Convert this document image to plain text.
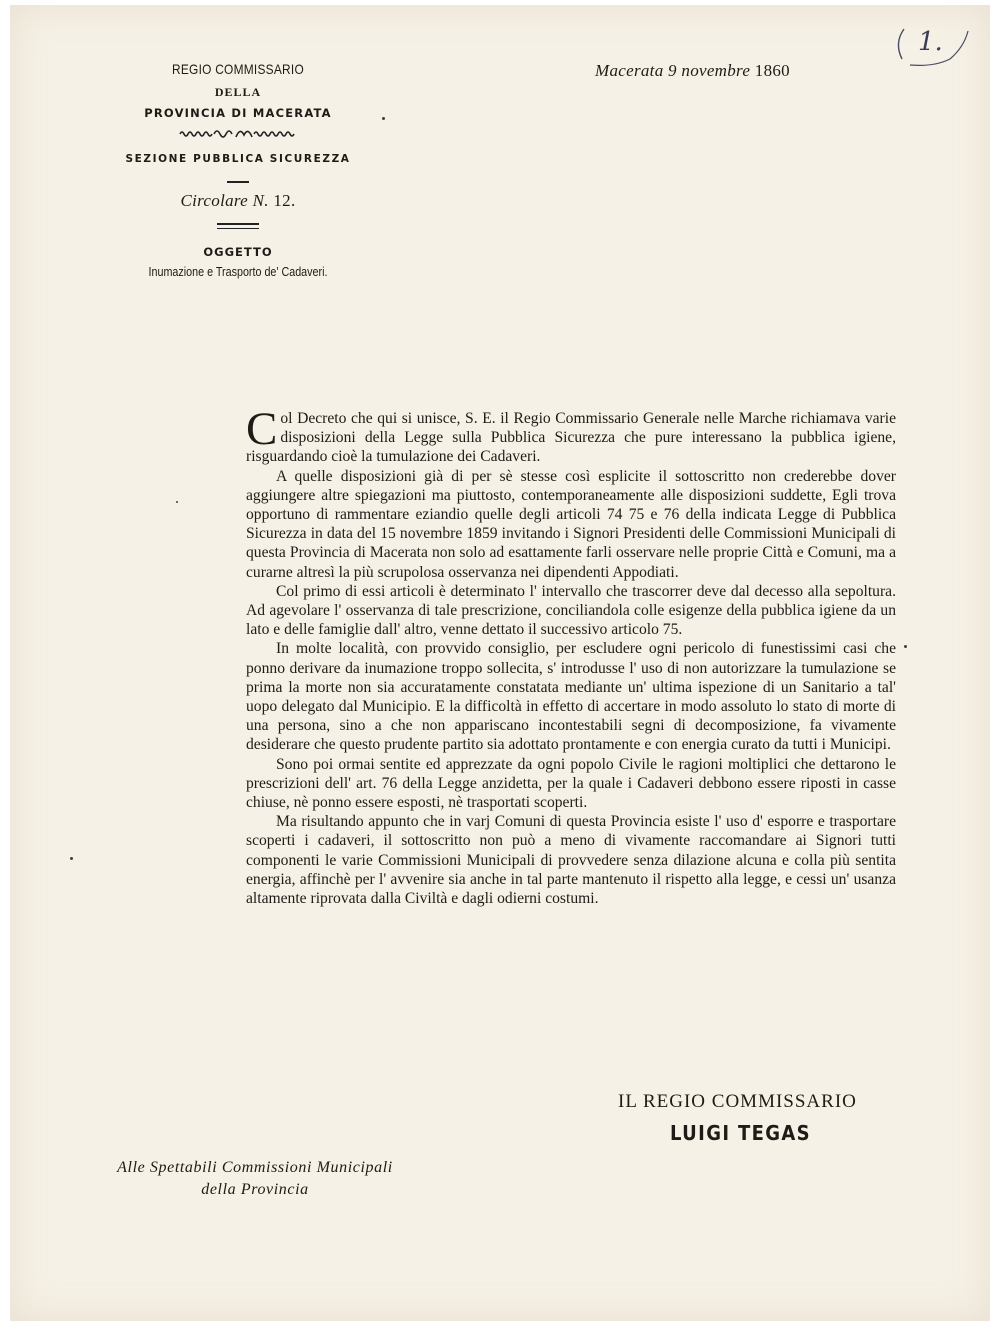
REGIO COMMISSARIO
DELLA
PROVINCIA DI MACERATA
SEZIONE PUBBLICA SICUREZZA
Circolare N. 12.
OGGETTO
Inumazione e Trasporto de' Cadaveri.
Macerata 9 novembre 1860
1.

Col Decreto che qui si unisce, S. E. il Regio Commissario Generale nelle Marche richiamava varie disposizioni della Legge sulla Pubblica Sicurezza che pure interessano la pubblica igiene, risguardando cioè la tumulazione dei Cadaveri.

A quelle disposizioni già di per sè stesse così esplicite il sottoscritto non crederebbe dover aggiungere altre spiegazioni ma piuttosto, contemporaneamente alle disposizioni suddette, Egli trova opportuno di rammentare eziandio quelle degli articoli 74 75 e 76 della indicata Legge di Pubblica Sicurezza in data del 15 novembre 1859 invitando i Signori Presidenti delle Commissioni Municipali di questa Provincia di Macerata non solo ad esattamente farli osservare nelle proprie Città e Comuni, ma a curarne altresì la più scrupolosa osservanza nei dipendenti Appodiati.

Col primo di essi articoli è determinato l' intervallo che trascorrer deve dal decesso alla sepoltura. Ad agevolare l' osservanza di tale prescrizione, conciliandola colle esigenze della pubblica igiene da un lato e delle famiglie dall' altro, venne dettato il successivo articolo 75.

In molte località, con provvido consiglio, per escludere ogni pericolo di funestissimi casi che ponno derivare da inumazione troppo sollecita, s' introdusse l' uso di non autorizzare la tumulazione se prima la morte non sia accuratamente constatata mediante un' ultima ispezione di un Sanitario a tal' uopo delegato dal Municipio. E la difficoltà in effetto di accertare in modo assoluto lo stato di morte di una persona, sino a che non appariscano incontestabili segni di decomposizione, fa vivamente desiderare che questo prudente partito sia adottato prontamente e con energia curato da tutti i Municipi.

Sono poi ormai sentite ed apprezzate da ogni popolo Civile le ragioni moltiplici che dettarono le prescrizioni dell' art. 76 della Legge anzidetta, per la quale i Cadaveri debbono essere riposti in casse chiuse, nè ponno essere esposti, nè trasportati scoperti.

Ma risultando appunto che in varj Comuni di questa Provincia esiste l' uso d' esporre e trasportare scoperti i cadaveri, il sottoscritto non può a meno di vivamente raccomandare ai Signori tutti componenti le varie Commissioni Municipali di provvedere senza dilazione alcuna e colla più sentita energia, affinchè per l' avvenire sia anche in tal parte mantenuto il rispetto alla legge, e cessi un' usanza altamente riprovata dalla Civiltà e dagli odierni costumi.

IL REGIO COMMISSARIO
LUIGI TEGAS
Alle Spettabili Commissioni Municipali
della Provincia
